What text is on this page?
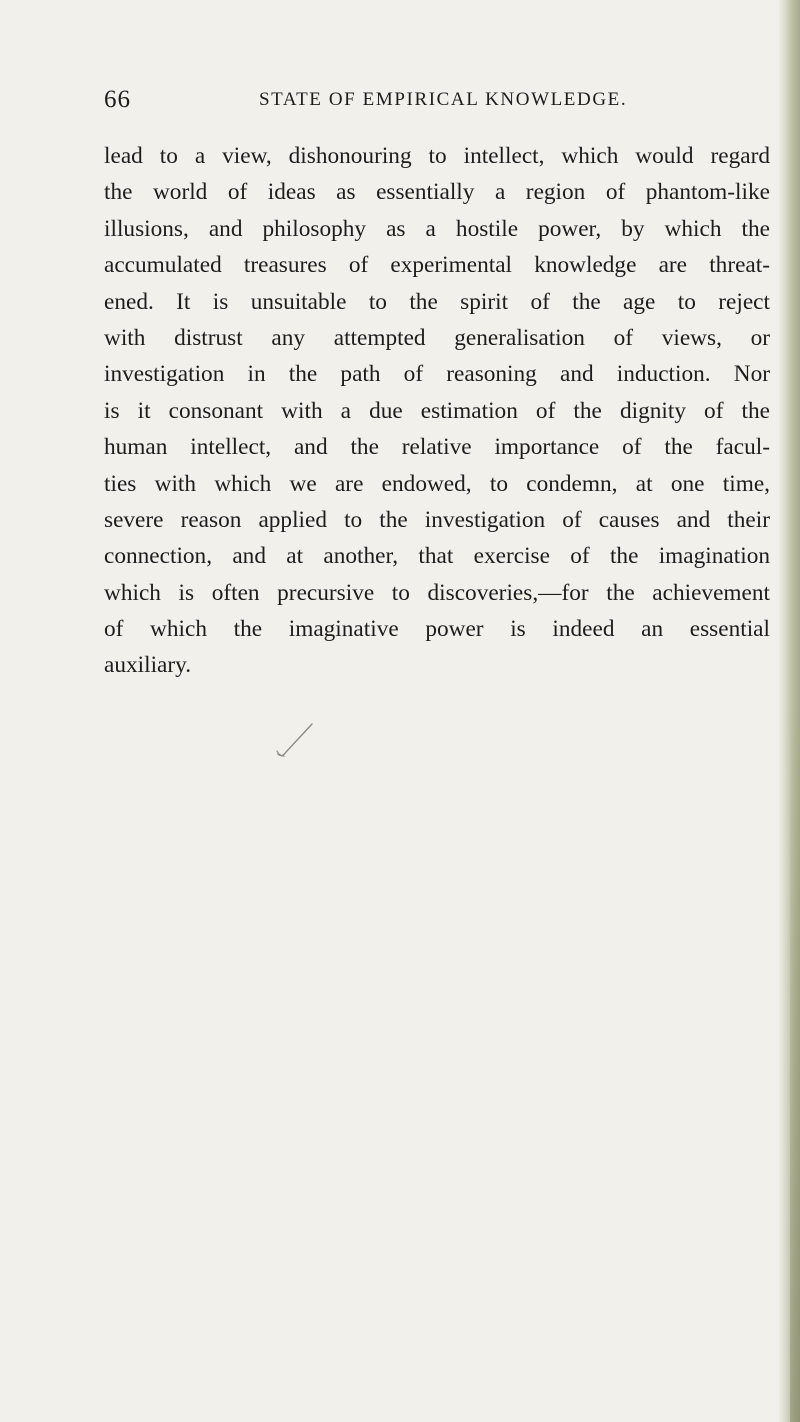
66	STATE OF EMPIRICAL KNOWLEDGE.
lead to a view, dishonouring to intellect, which would regard
the world of ideas as essentially a region of phantom-like
illusions, and philosophy as a hostile power, by which the
accumulated treasures of experimental knowledge are threat-
ened. It is unsuitable to the spirit of the age to reject
with distrust any attempted generalisation of views, or
investigation in the path of reasoning and induction. Nor
is it consonant with a due estimation of the dignity of the
human intellect, and the relative importance of the facul-
ties with which we are endowed, to condemn, at one time,
severe reason applied to the investigation of causes and their
connection, and at another, that exercise of the imagination
which is often precursive to discoveries,—for the achievement
of which the imaginative power is indeed an essential
auxiliary.
